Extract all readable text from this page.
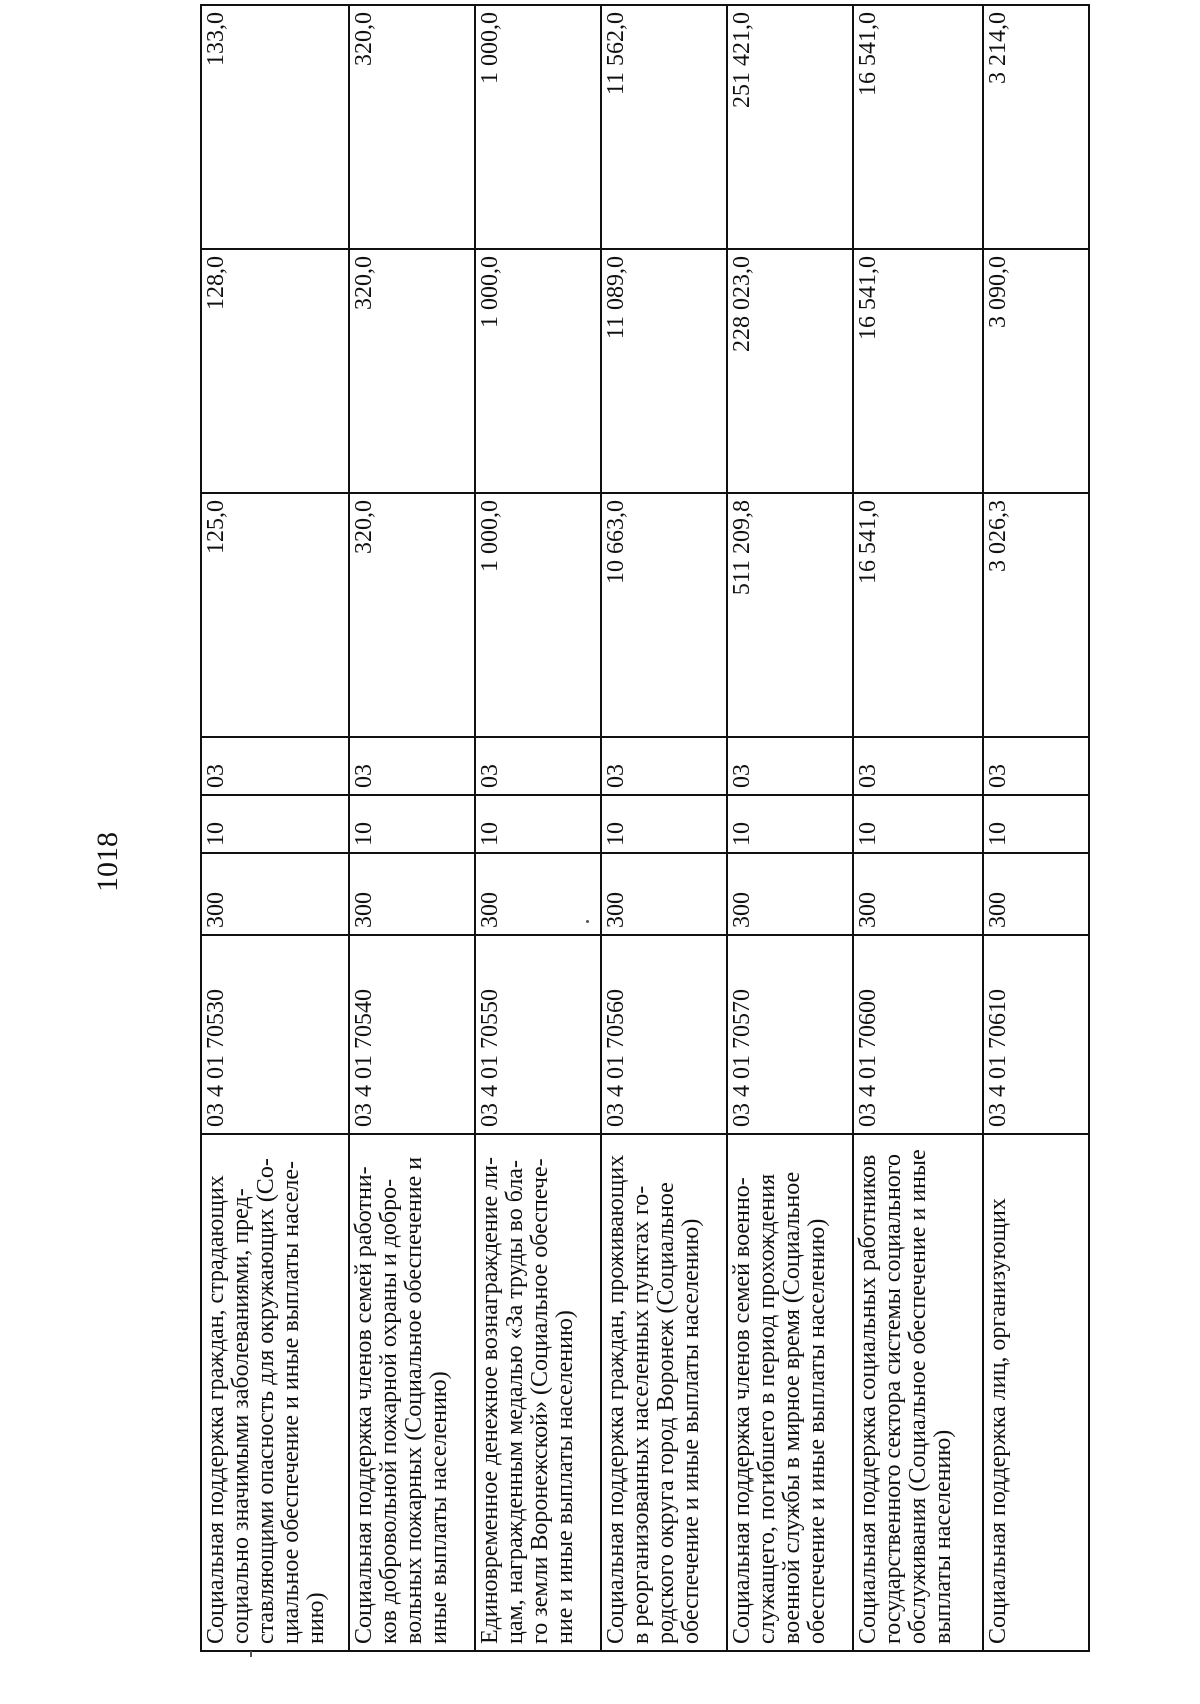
1018
Социальная поддержка граждан, страдающих социально значимыми заболеваниями, пред-ставляющими опасность для окружающих (Со-циальное обеспечение и иные выплаты населе-нию)	03 4 01 70530	300	10	03	125,0	128,0	133,0
Социальная поддержка членов семей работни-ков добровольной пожарной охраны и добро-вольных пожарных (Социальное обеспечение и иные выплаты населению)	03 4 01 70540	300	10	03	320,0	320,0	320,0
Единовременное денежное вознаграждение ли-цам, награжденным медалью «За труды во бла-го земли Воронежской» (Социальное обеспече-ние и иные выплаты населению)	03 4 01 70550	300	10	03	1 000,0	1 000,0	1 000,0
Социальная поддержка граждан, проживающих в реорганизованных населенных пунктах го-родского округа город Воронеж (Социальное обеспечение и иные выплаты населению)	03 4 01 70560	300	10	03	10 663,0	11 089,0	11 562,0
Социальная поддержка членов семей военно-служащего, погибшего в период прохождения военной службы в мирное время (Социальное обеспечение и иные выплаты населению)	03 4 01 70570	300	10	03	511 209,8	228 023,0	251 421,0
Социальная поддержка социальных работников государственного сектора системы социального обслуживания (Социальное обеспечение и иные выплаты населению)	03 4 01 70600	300	10	03	16 541,0	16 541,0	16 541,0
Социальная поддержка лиц, организующих	03 4 01 70610	300	10	03	3 026,3	3 090,0	3 214,0
